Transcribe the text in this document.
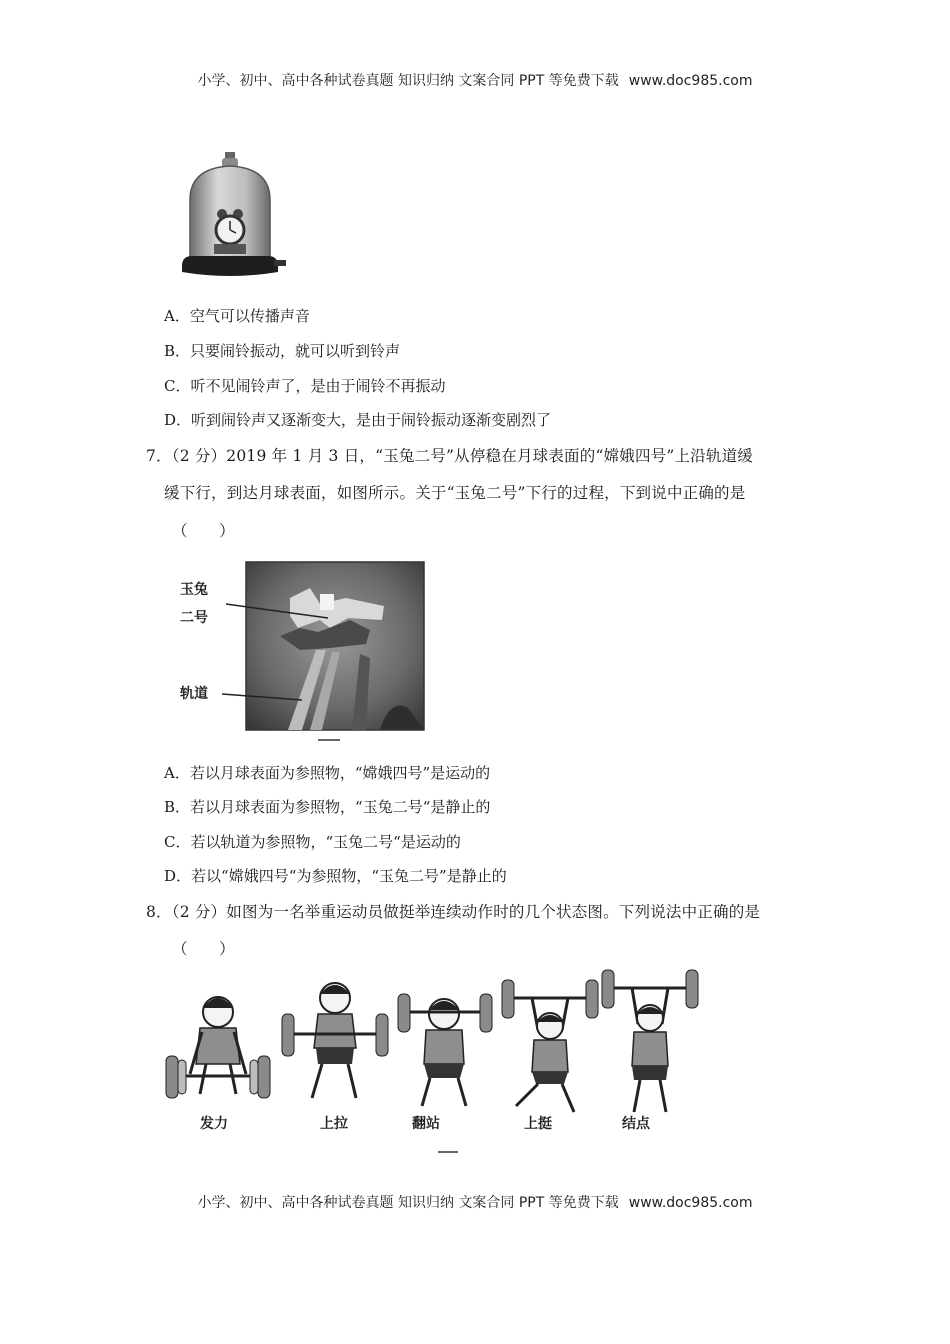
小学、初中、高中各种试卷真题 知识归纳 文案合同 PPT 等免费下载 www.doc985.com
A．空气可以传播声音
B．只要闹铃振动，就可以听到铃声
C．听不见闹铃声了，是由于闹铃不再振动
D．听到闹铃声又逐渐变大，是由于闹铃振动逐渐变剧烈了
7．（2 分）2019 年 1 月 3 日，“玉兔二号”从停稳在月球表面的“嫦娥四号”上沿轨道缓
缓下行，到达月球表面，如图所示。关于“玉兔二号”下行的过程，下到说中正确的是
（　　）
玉兔
二号
轨道
A．若以月球表面为参照物，“嫦娥四号”是运动的
B．若以月球表面为参照物，“玉兔二号“是静止的
C．若以轨道为参照物，“玉兔二号“是运动的
D．若以“嫦娥四号“为参照物，“玉兔二号”是静止的
8．（2 分）如图为一名举重运动员做挺举连续动作时的几个状态图。下列说法中正确的是
（　　）
发力	上拉	翻站	上挺	结点
小学、初中、高中各种试卷真题 知识归纳 文案合同 PPT 等免费下载 www.doc985.com
